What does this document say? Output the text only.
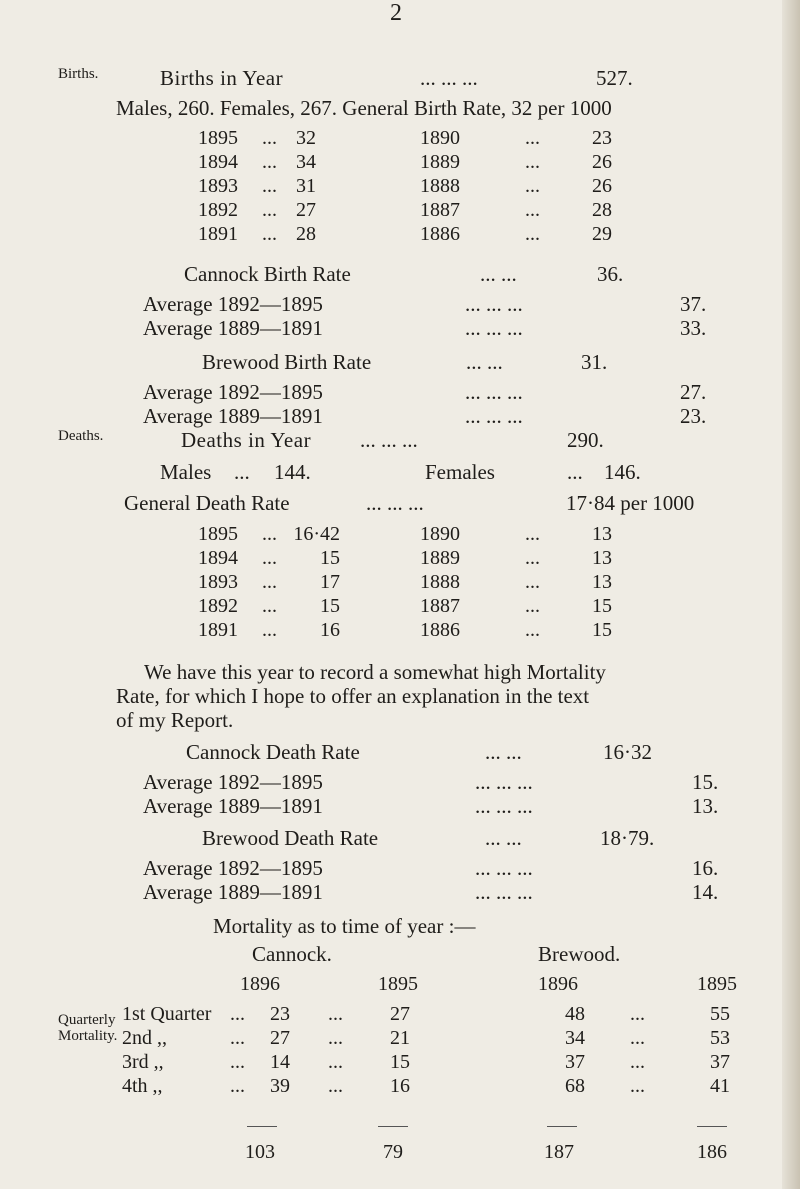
2
Births.
Deaths.
Quarterly
Mortality.
Births in Year	... ... ...	527.
Males, 260. Females, 267. General Birth Rate, 32 per 1000
1895 ... 32	1890	...	23
1894 ... 34	1889	...	26
1893 ... 31	1888	...	26
1892 ... 27	1887	...	28
1891 ... 28	1886	...	29
Cannock Birth Rate	... ...	36.
Average 1892—1895	... ... ...	37.
Average 1889—1891	... ... ...	33.
Brewood Birth Rate	... ...	31.
Average 1892—1895	... ... ...	27.
Average 1889—1891	... ... ...	23.
Deaths in Year ... ... ...	290.
Males ... 144.	Females	... 146.
General Death Rate	... ... ...	17·84 per 1000
1895 ... 16·42	1890	...	13
1894 ...	15	1889	...	13
1893 ...	17	1888	...	13
1892 ...	15	1887	...	15
1891 ...	16	1886	...	15
We have this year to record a somewhat high Mortality
Rate, for which I hope to offer an explanation in the text
of my Report.
Cannock Death Rate	... ...	16·32
Average 1892—1895	... ... ...	15.
Average 1889—1891	... ... ...	13.
Brewood Death Rate	... ...	18·79.
Average 1892—1895	... ... ...	16.
Average 1889—1891	... ... ...	14.
Mortality as to time of year :—
Cannock.	Brewood.
1896	1895	1896	1895
1st Quarter ...	23 ...	27	48 ...	55
2nd ,,	...	27 ...	21	34 ...	53
3rd ,,	...	14 ...	15	37 ...	37
4th ,,	...	39 ...	16	68 ...	41
103	79	187	186
